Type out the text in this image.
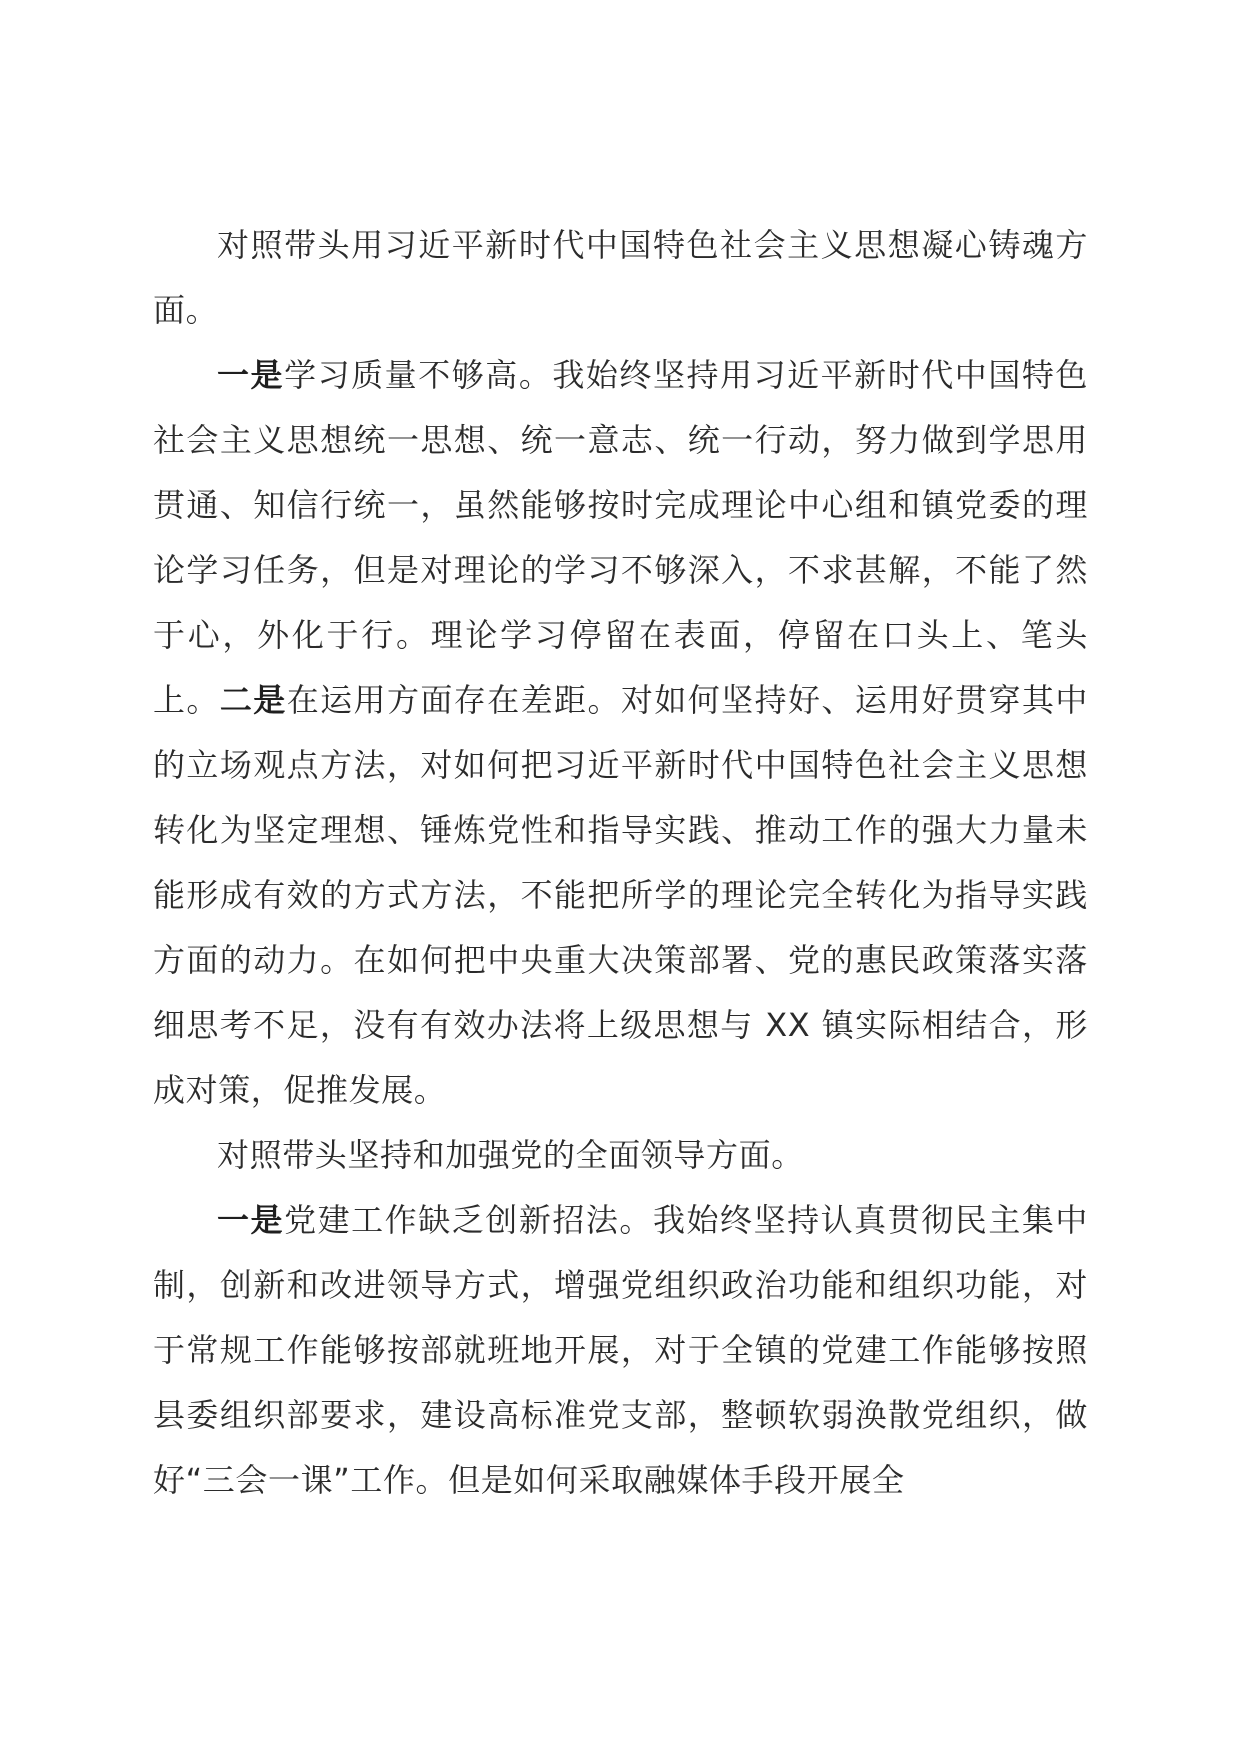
对照带头用习近平新时代中国特色社会主义思想凝心铸魂方面。

一是学习质量不够高。我始终坚持用习近平新时代中国特色社会主义思想统一思想、统一意志、统一行动，努力做到学思用贯通、知信行统一，虽然能够按时完成理论中心组和镇党委的理论学习任务，但是对理论的学习不够深入，不求甚解，不能了然于心，外化于行。理论学习停留在表面，停留在口头上、笔头上。二是在运用方面存在差距。对如何坚持好、运用好贯穿其中的立场观点方法，对如何把习近平新时代中国特色社会主义思想转化为坚定理想、锤炼党性和指导实践、推动工作的强大力量未能形成有效的方式方法，不能把所学的理论完全转化为指导实践方面的动力。在如何把中央重大决策部署、党的惠民政策落实落细思考不足，没有有效办法将上级思想与 XX 镇实际相结合，形成对策，促推发展。

对照带头坚持和加强党的全面领导方面。

一是党建工作缺乏创新招法。我始终坚持认真贯彻民主集中制，创新和改进领导方式，增强党组织政治功能和组织功能，对于常规工作能够按部就班地开展，对于全镇的党建工作能够按照县委组织部要求，建设高标准党支部，整顿软弱涣散党组织，做好“三会一课”工作。但是如何采取融媒体手段开展全
